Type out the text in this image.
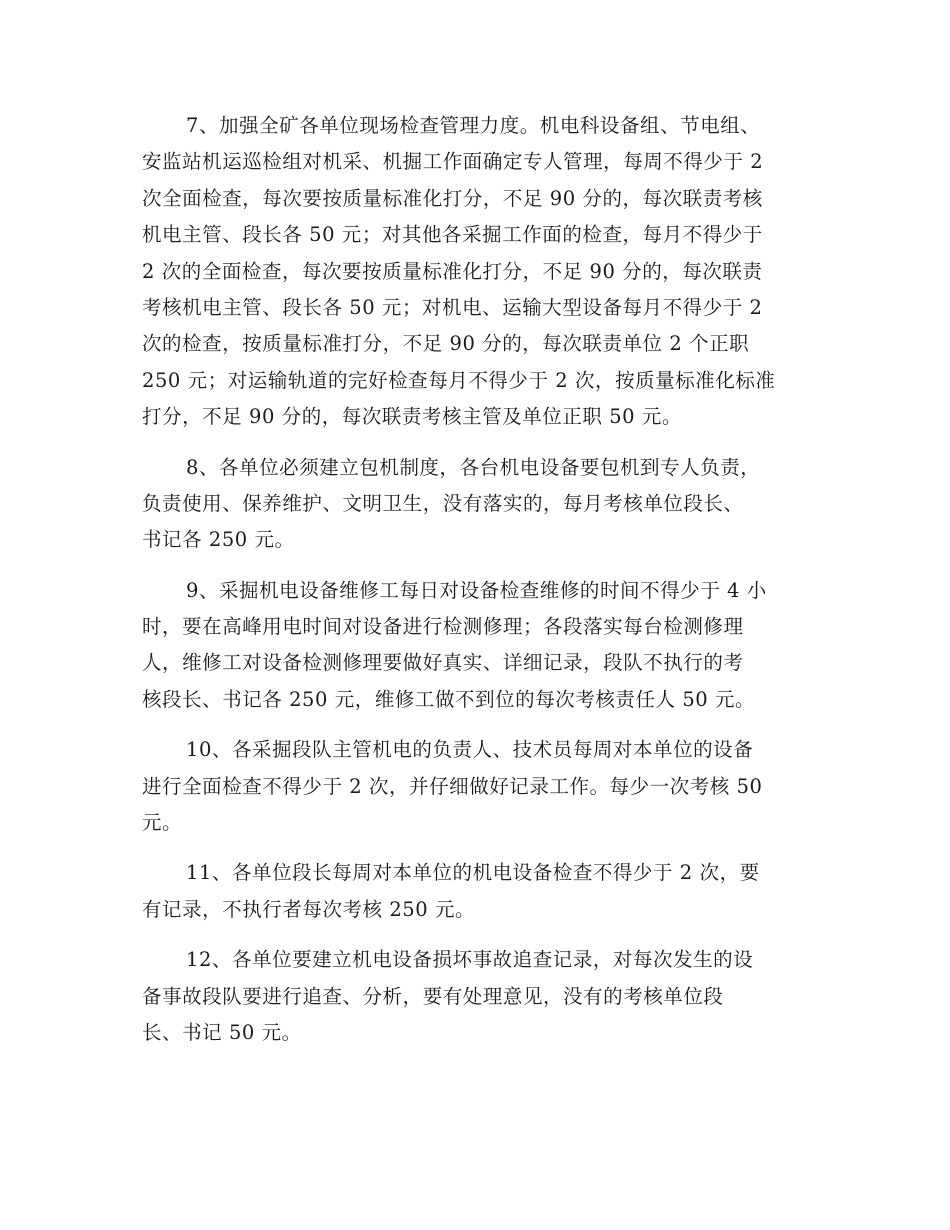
7、加强全矿各单位现场检查管理力度。机电科设备组、节电组、
安监站机运巡检组对机采、机掘工作面确定专人管理，每周不得少于 2
次全面检查，每次要按质量标准化打分，不足 90 分的，每次联责考核
机电主管、段长各 50 元；对其他各采掘工作面的检查，每月不得少于
2 次的全面检查，每次要按质量标准化打分，不足 90 分的，每次联责
考核机电主管、段长各 50 元；对机电、运输大型设备每月不得少于 2
次的检查，按质量标准打分，不足 90 分的，每次联责单位 2 个正职
250 元；对运输轨道的完好检查每月不得少于 2 次，按质量标准化标准
打分，不足 90 分的，每次联责考核主管及单位正职 50 元。
8、各单位必须建立包机制度，各台机电设备要包机到专人负责，
负责使用、保养维护、文明卫生，没有落实的，每月考核单位段长、
书记各 250 元。
9、采掘机电设备维修工每日对设备检查维修的时间不得少于 4 小
时，要在高峰用电时间对设备进行检测修理；各段落实每台检测修理
人，维修工对设备检测修理要做好真实、详细记录，段队不执行的考
核段长、书记各 250 元，维修工做不到位的每次考核责任人 50 元。
10、各采掘段队主管机电的负责人、技术员每周对本单位的设备
进行全面检查不得少于 2 次，并仔细做好记录工作。每少一次考核 50
元。
11、各单位段长每周对本单位的机电设备检查不得少于 2 次，要
有记录，不执行者每次考核 250 元。
12、各单位要建立机电设备损坏事故追查记录，对每次发生的设
备事故段队要进行追查、分析，要有处理意见，没有的考核单位段
长、书记 50 元。
